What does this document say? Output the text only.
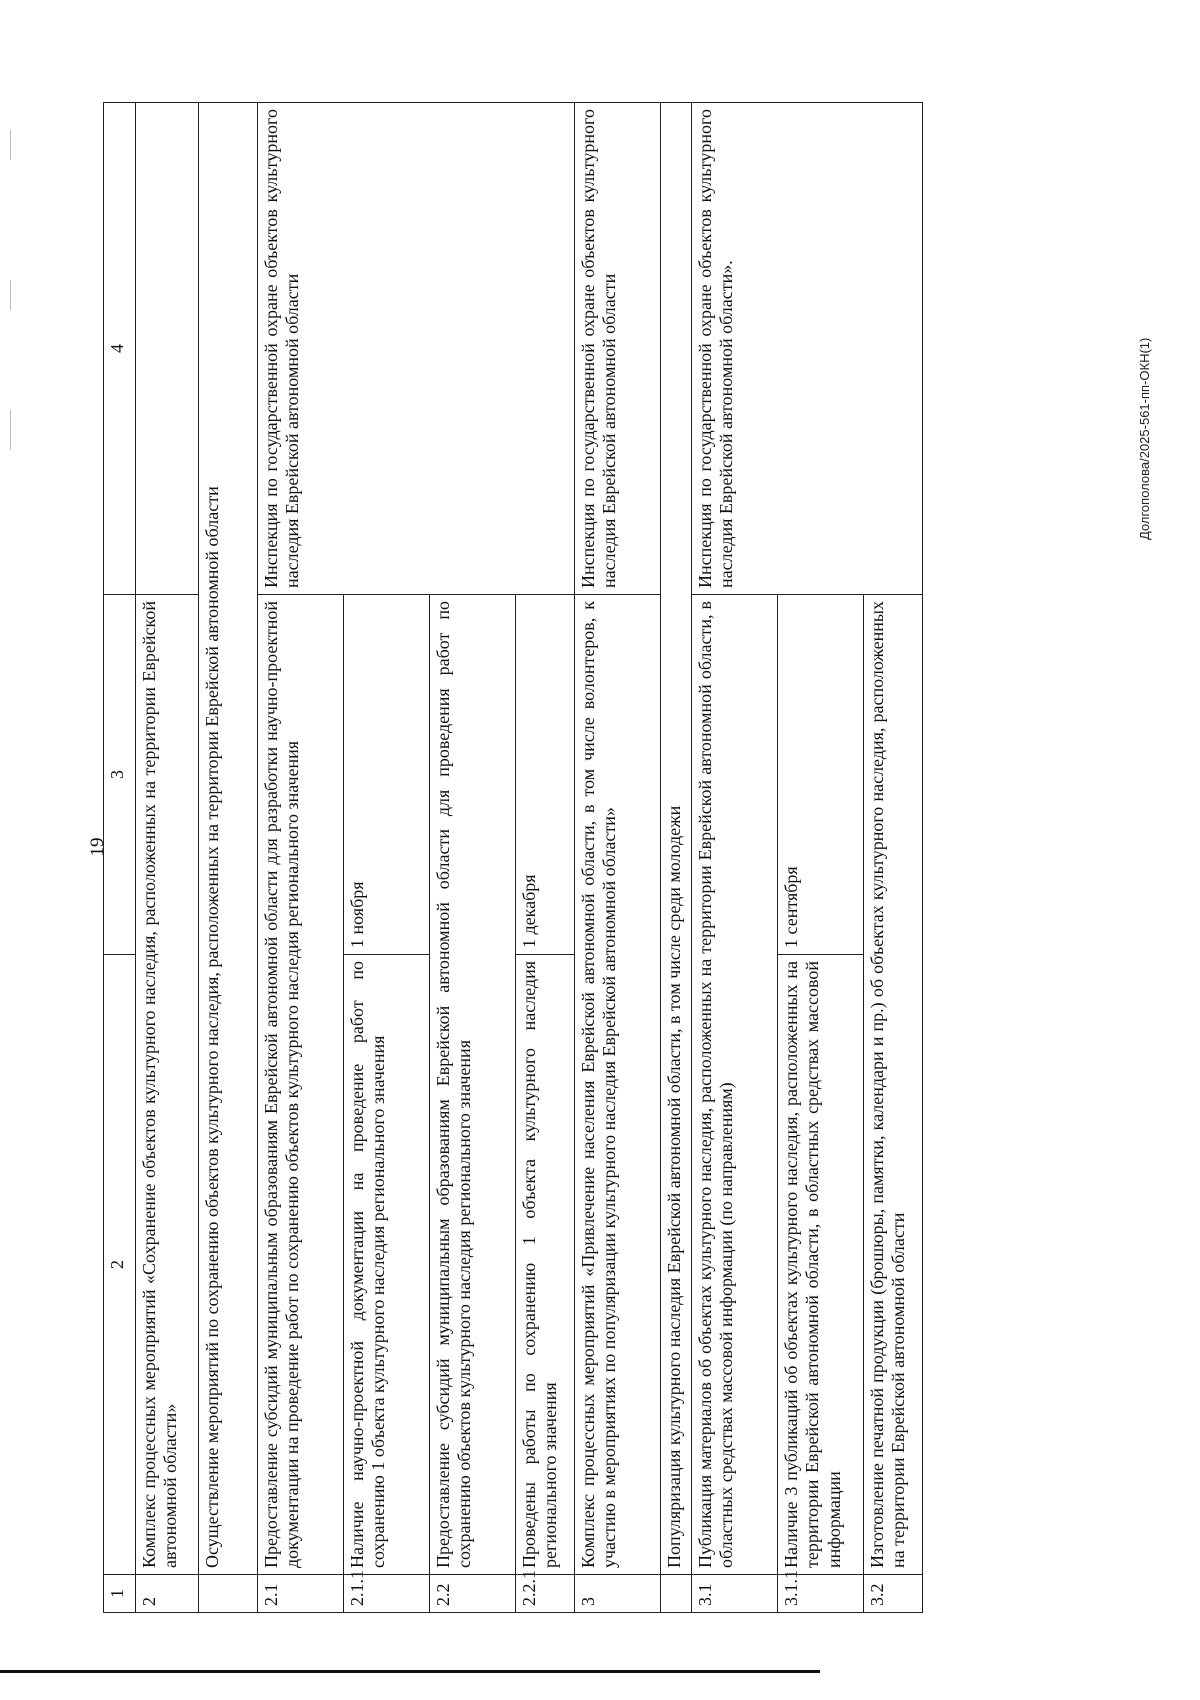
19
Долгополова/2025-561-пп-ОКН(1)
1	2	3	4
2	Комплекс процессных мероприятий «Сохранение объектов культурного наследия, расположенных на территории Еврейской автономной области»		
	Осуществление мероприятий по сохранению объектов культурного наследия, расположенных на территории Еврейской автономной области		
2.1	Предоставление субсидий муниципальным образованиям Еврейской автономной области для разработки научно-проектной документации на проведение работ по сохранению объектов культурного наследия регионального значения		Инспекция по государственной охране объектов культурного наследия Еврейской автономной области
2.1.1	Наличие научно-проектной документации на проведение работ по сохранению 1 объекта культурного наследия регионального значения	1 ноября	
2.2	Предоставление субсидий муниципальным образованиям Еврейской автономной области для проведения работ по сохранению объектов культурного наследия регионального значения		
2.2.1	Проведены работы по сохранению 1 объекта культурного наследия регионального значения	1 декабря	
3	Комплекс процессных мероприятий «Привлечение населения Еврейской автономной области, в том числе волонтеров, к участию в мероприятиях по популяризации культурного наследия Еврейской автономной области»		Инспекция по государственной охране объектов культурного наследия Еврейской автономной области
	Популяризация культурного наследия Еврейской автономной области, в том числе среди молодежи		
3.1	Публикация материалов об объектах культурного наследия, расположенных на территории Еврейской автономной области, в областных средствах массовой информации (по направлениям)		Инспекция по государственной охране объектов культурного наследия Еврейской автономной области».
3.1.1	Наличие 3 публикаций об объектах культурного наследия, расположенных на территории Еврейской автономной области, в областных средствах массовой информации	1 сентября	
3.2	Изготовление печатной продукции (брошюры, памятки, календари и пр.) об объектах культурного наследия, расположенных на территории Еврейской автономной области		
